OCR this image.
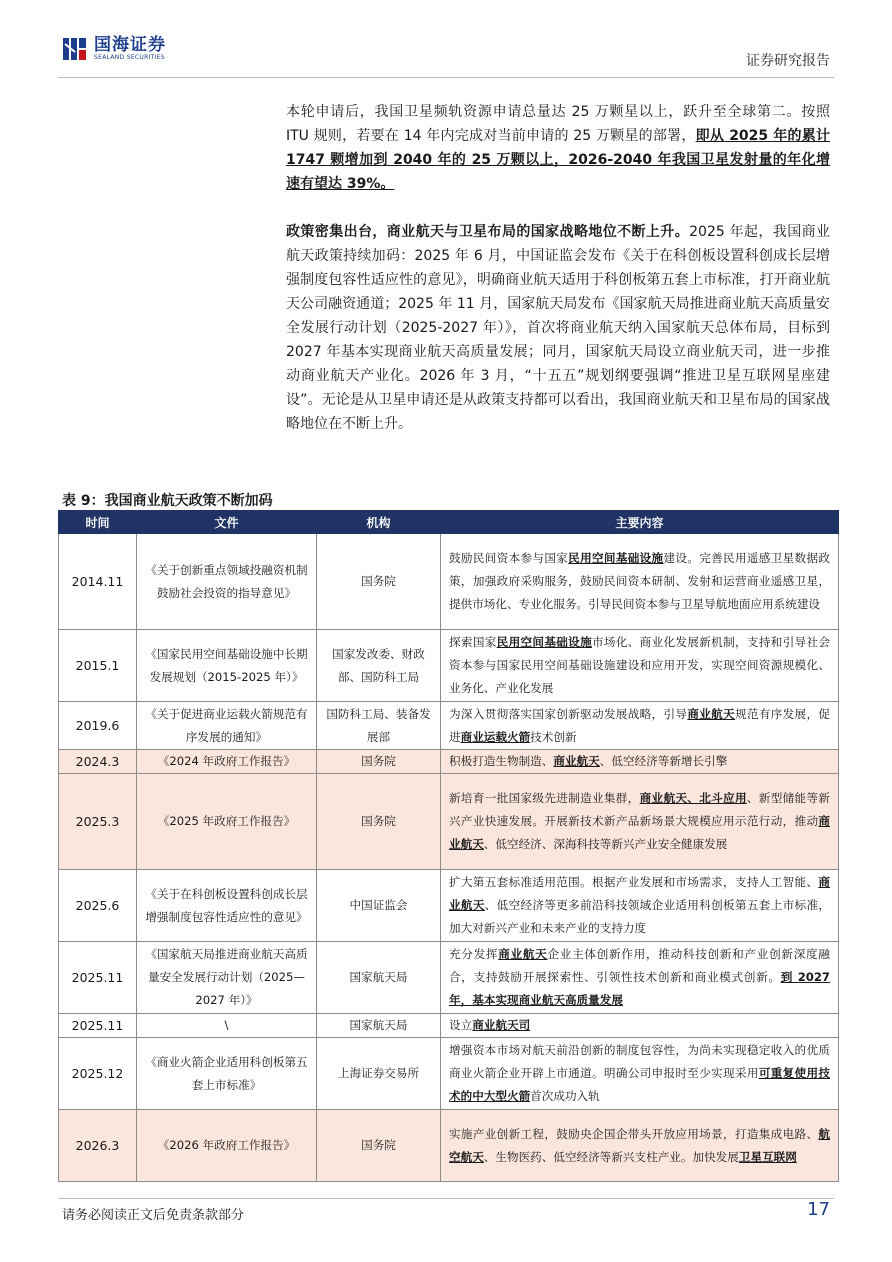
国海证券
SEALAND SECURITIES	证券研究报告

本轮申请后，我国卫星频轨资源申请总量达 25 万颗星以上，跃升至全球第二。按照 ITU 规则，若要在 14 年内完成对当前申请的 25 万颗星的部署，即从 2025 年的累计 1747 颗增加到 2040 年的 25 万颗以上，2026-2040 年我国卫星发射量的年化增速有望达 39%。

政策密集出台，商业航天与卫星布局的国家战略地位不断上升。2025 年起，我国商业航天政策持续加码：2025 年 6 月，中国证监会发布《关于在科创板设置科创成长层增强制度包容性适应性的意见》，明确商业航天适用于科创板第五套上市标准，打开商业航天公司融资通道；2025 年 11 月，国家航天局发布《国家航天局推进商业航天高质量安全发展行动计划（2025-2027 年）》，首次将商业航天纳入国家航天总体布局，目标到 2027 年基本实现商业航天高质量发展；同月，国家航天局设立商业航天司，进一步推动商业航天产业化。2026 年 3 月，“十五五”规划纲要强调“推进卫星互联网星座建设”。无论是从卫星申请还是从政策支持都可以看出，我国商业航天和卫星布局的国家战略地位在不断上升。

表 9：我国商业航天政策不断加码
时间	文件	机构	主要内容
2014.11	《关于创新重点领域投融资机制鼓励社会投资的指导意见》	国务院	鼓励民间资本参与国家民用空间基础设施建设。完善民用遥感卫星数据政策，加强政府采购服务，鼓励民间资本研制、发射和运营商业遥感卫星，提供市场化、专业化服务。引导民间资本参与卫星导航地面应用系统建设
2015.1	《国家民用空间基础设施中长期发展规划（2015-2025 年）》	国家发改委、财政部、国防科工局	探索国家民用空间基础设施市场化、商业化发展新机制，支持和引导社会资本参与国家民用空间基础设施建设和应用开发，实现空间资源规模化、业务化、产业化发展
2019.6	《关于促进商业运载火箭规范有序发展的通知》	国防科工局、装备发展部	为深入贯彻落实国家创新驱动发展战略，引导商业航天规范有序发展，促进商业运载火箭技术创新
2024.3	《2024 年政府工作报告》	国务院	积极打造生物制造、商业航天、低空经济等新增长引擎
2025.3	《2025 年政府工作报告》	国务院	新培育一批国家级先进制造业集群，商业航天、北斗应用、新型储能等新兴产业快速发展。开展新技术新产品新场景大规模应用示范行动，推动商业航天、低空经济、深海科技等新兴产业安全健康发展
2025.6	《关于在科创板设置科创成长层增强制度包容性适应性的意见》	中国证监会	扩大第五套标准适用范围。根据产业发展和市场需求，支持人工智能、商业航天、低空经济等更多前沿科技领域企业适用科创板第五套上市标准，加大对新兴产业和未来产业的支持力度
2025.11	《国家航天局推进商业航天高质量安全发展行动计划（2025—2027 年）》	国家航天局	充分发挥商业航天企业主体创新作用，推动科技创新和产业创新深度融合，支持鼓励开展探索性、引领性技术创新和商业模式创新。到 2027 年，基本实现商业航天高质量发展
2025.11	\	国家航天局	设立商业航天司
2025.12	《商业火箭企业适用科创板第五套上市标准》	上海证券交易所	增强资本市场对航天前沿创新的制度包容性，为尚未实现稳定收入的优质商业火箭企业开辟上市通道。明确公司申报时至少实现采用可重复使用技术的中大型火箭首次成功入轨
2026.3	《2026 年政府工作报告》	国务院	实施产业创新工程，鼓励央企国企带头开放应用场景，打造集成电路、航空航天、生物医药、低空经济等新兴支柱产业。加快发展卫星互联网
请务必阅读正文后免责条款部分	17
